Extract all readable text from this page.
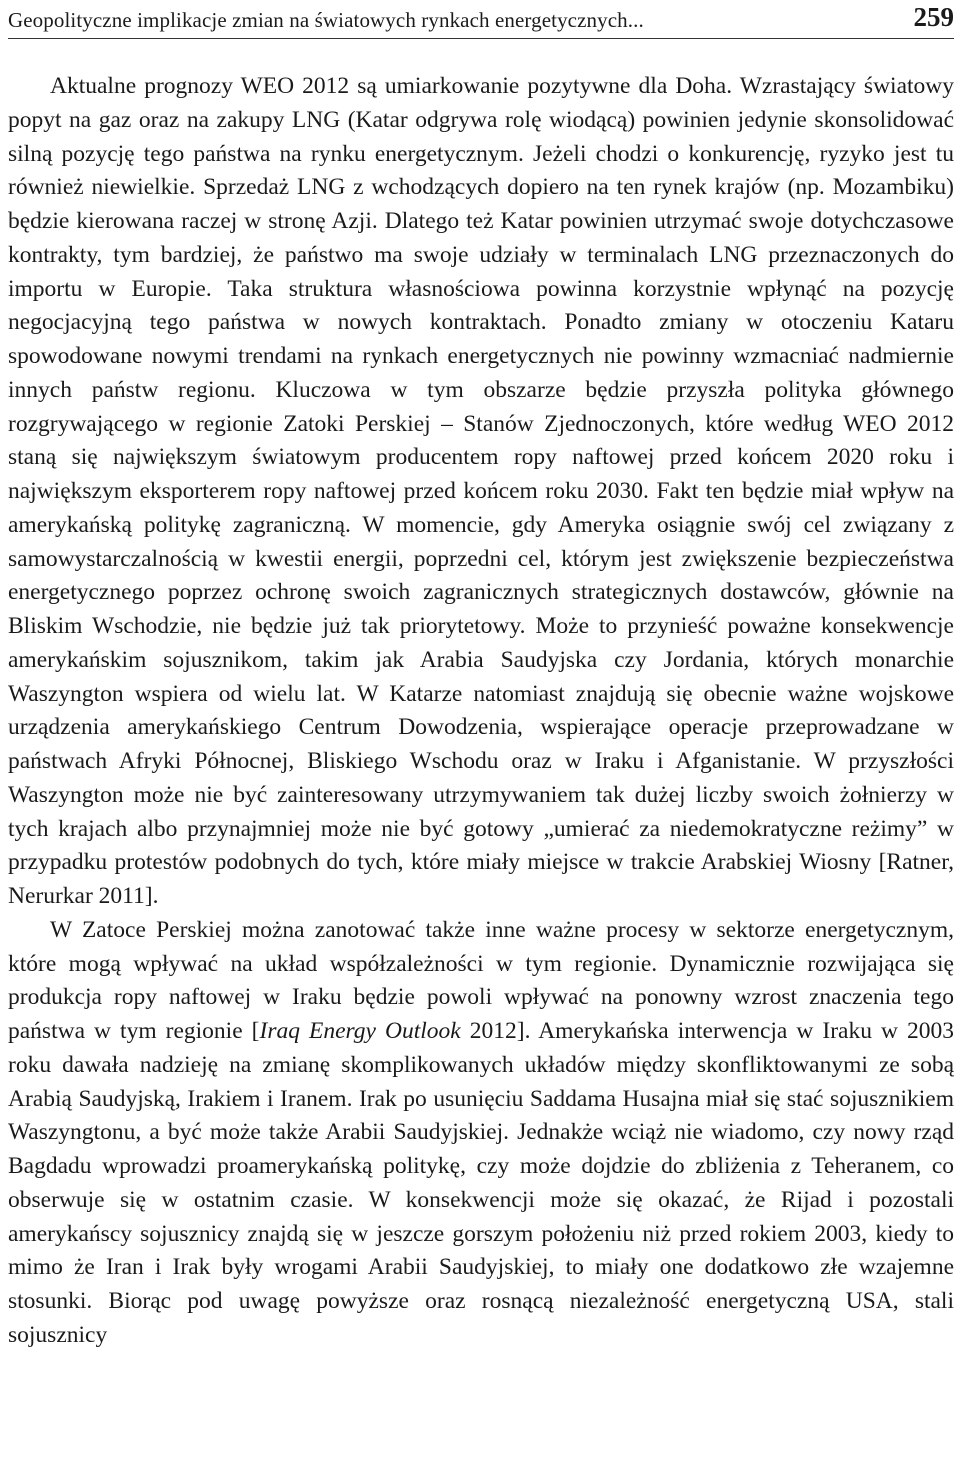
Geopolityczne implikacje zmian na światowych rynkach energetycznych...	259

Aktualne prognozy WEO 2012 są umiarkowanie pozytywne dla Doha. Wzrastający światowy popyt na gaz oraz na zakupy LNG (Katar odgrywa rolę wiodącą) powinien jedynie skonsolidować silną pozycję tego państwa na rynku energetycznym. Jeżeli chodzi o konkurencję, ryzyko jest tu również niewielkie. Sprzedaż LNG z wchodzących dopiero na ten rynek krajów (np. Mozambiku) będzie kierowana raczej w stronę Azji. Dlatego też Katar powinien utrzymać swoje dotychczasowe kontrakty, tym bardziej, że państwo ma swoje udziały w terminalach LNG przeznaczonych do importu w Europie. Taka struktura własnościowa powinna korzystnie wpłynąć na pozycję negocjacyjną tego państwa w nowych kontraktach. Ponadto zmiany w otoczeniu Kataru spowodowane nowymi trendami na rynkach energetycznych nie powinny wzmacniać nadmiernie innych państw regionu. Kluczowa w tym obszarze będzie przyszła polityka głównego rozgrywającego w regionie Zatoki Perskiej – Stanów Zjednoczonych, które według WEO 2012 staną się największym światowym producentem ropy naftowej przed końcem 2020 roku i największym eksporterem ropy naftowej przed końcem roku 2030. Fakt ten będzie miał wpływ na amerykańską politykę zagraniczną. W momencie, gdy Ameryka osiągnie swój cel związany z samowystarczalnością w kwestii energii, poprzedni cel, którym jest zwiększenie bezpieczeństwa energetycznego poprzez ochronę swoich zagranicznych strategicznych dostawców, głównie na Bliskim Wschodzie, nie będzie już tak priorytetowy. Może to przynieść poważne konsekwencje amerykańskim sojusznikom, takim jak Arabia Saudyjska czy Jordania, których monarchie Waszyngton wspiera od wielu lat. W Katarze natomiast znajdują się obecnie ważne wojskowe urządzenia amerykańskiego Centrum Dowodzenia, wspierające operacje przeprowadzane w państwach Afryki Północnej, Bliskiego Wschodu oraz w Iraku i Afganistanie. W przyszłości Waszyngton może nie być zainteresowany utrzymywaniem tak dużej liczby swoich żołnierzy w tych krajach albo przynajmniej może nie być gotowy „umierać za niedemokratyczne reżimy” w przypadku protestów podobnych do tych, które miały miejsce w trakcie Arabskiej Wiosny [Ratner, Nerurkar 2011].

W Zatoce Perskiej można zanotować także inne ważne procesy w sektorze energetycznym, które mogą wpływać na układ współzależności w tym regionie. Dynamicznie rozwijająca się produkcja ropy naftowej w Iraku będzie powoli wpływać na ponowny wzrost znaczenia tego państwa w tym regionie [Iraq Energy Outlook 2012]. Amerykańska interwencja w Iraku w 2003 roku dawała nadzieję na zmianę skomplikowanych układów między skonfliktowanymi ze sobą Arabią Saudyjską, Irakiem i Iranem. Irak po usunięciu Saddama Husajna miał się stać sojusznikiem Waszyngtonu, a być może także Arabii Saudyjskiej. Jednakże wciąż nie wiadomo, czy nowy rząd Bagdadu wprowadzi proamerykańską politykę, czy może dojdzie do zbliżenia z Teheranem, co obserwuje się w ostatnim czasie. W konsekwencji może się okazać, że Rijad i pozostali amerykańscy sojusznicy znajdą się w jeszcze gorszym położeniu niż przed rokiem 2003, kiedy to mimo że Iran i Irak były wrogami Arabii Saudyjskiej, to miały one dodatkowo złe wzajemne stosunki. Biorąc pod uwagę powyższe oraz rosnącą niezależność energetyczną USA, stali sojusznicy
